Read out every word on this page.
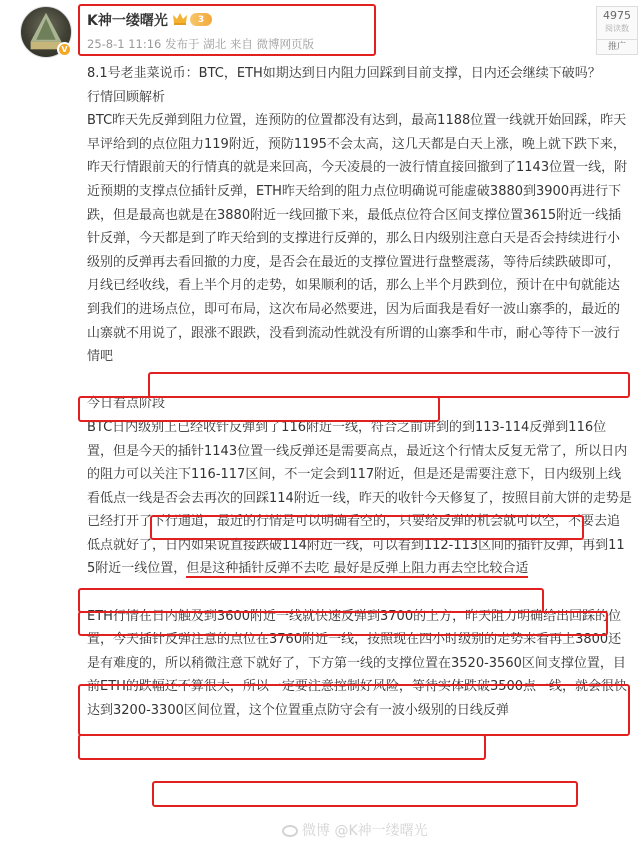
V
K神一缕曙光	3
25-8-1 11:16 发布于 湖北 来自 微博网页版
4975
阅读数
推广

8.1号老韭菜说币：BTC，ETH如期达到日内阻力回踩到目前支撑，日内还会继续下破吗？

行情回顾解析

BTC昨天先反弹到阻力位置，连预防的位置都没有达到，最高1188位置一线就开始回踩，昨天早评给到的点位阻力119附近，预防1195不会太高，这几天都是白天上涨，晚上就下跌下来，昨天行情跟前天的行情真的就是来回高，今天凌晨的一波行情直接回撤到了1143位置一线，附近预期的支撑点位插针反弹，ETH昨天给到的阻力点位明确说可能虚破3880到3900再进行下跌，但是最高也就是在3880附近一线回撤下来，最低点位符合区间支撑位置3615附近一线插针反弹，今天都是到了昨天给到的支撑进行反弹的，那么日内级别注意白天是否会持续进行小级别的反弹再去看回撤的力度，是否会在最近的支撑位置进行盘整震荡，等待后续跌破即可，月线已经收线，看上半个月的走势，如果顺利的话，那么上半个月跌到位，预计在中旬就能达到我们的进场点位，即可布局，这次布局必然要进，因为后面我是看好一波山寨季的，最近的山寨就不用说了，跟涨不跟跌，没看到流动性就没有所谓的山寨季和牛市，耐心等待下一波行情吧

今日看点阶段

BTC日内级别上已经收针反弹到了116附近一线，符合之前讲到的到113-114反弹到116位置，但是今天的插针1143位置一线反弹还是需要高点，最近这个行情太反复无常了，所以日内的阻力可以关注下116-117区间，不一定会到117附近，但是还是需要注意下，日内级别上线看低点一线是否会去再次的回踩114附近一线，昨天的收针今天修复了，按照目前大饼的走势是已经打开了下行通道，最近的行情是可以明确看空的，只要给反弹的机会就可以空，不要去追低点就好了，日内如果说直接跌破114附近一线，可以看到112-113区间的插针反弹，再到115附近一线位置，但是这种插针反弹不去吃 最好是反弹上阻力再去空比较合适

ETH行情在日内触及到3600附近一线就快速反弹到3700的上方，昨天阻力明确给出回踩的位置，今天插针反弹注意的点位在3760附近一线，按照现在四小时级别的走势来看再上3800还是有难度的，所以稍微注意下就好了，下方第一线的支撑位置在3520-3560区间支撑位置，目前ETH的跌幅还不算很大，所以一定要注意控制好风险，等待实体跌破3500点一线，就会很快达到3200-3300区间位置，这个位置重点防守会有一波小级别的日线反弹

微博 @K神一缕曙光
